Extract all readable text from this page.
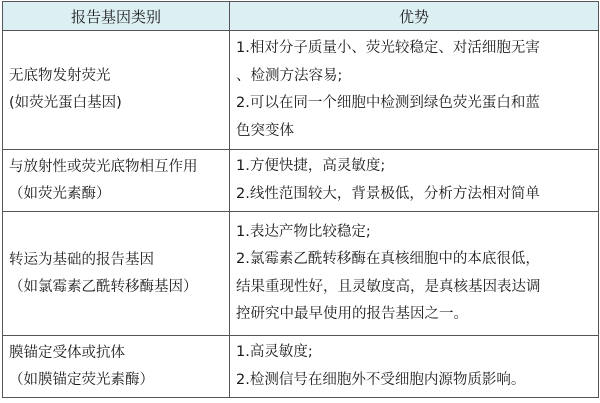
报告基因类别	优势

无底物发射荧光
(如荧光蛋白基因)	1.相对分子质量小、荧光较稳定、对活细胞无害
、检测方法容易;
2.可以在同一个细胞中检测到绿色荧光蛋白和蓝
色突变体

与放射性或荧光底物相互作用
（如荧光素酶）	1.方便快捷，高灵敏度;
2.线性范围较大，背景极低，分析方法相对简单

转运为基础的报告基因
（如氯霉素乙酰转移酶基因）	1.表达产物比较稳定;
2.氯霉素乙酰转移酶在真核细胞中的本底很低，
结果重现性好，且灵敏度高，是真核基因表达调
控研究中最早使用的报告基因之一。

膜锚定受体或抗体
（如膜锚定荧光素酶）	1.高灵敏度;
2.检测信号在细胞外不受细胞内源物质影响。
